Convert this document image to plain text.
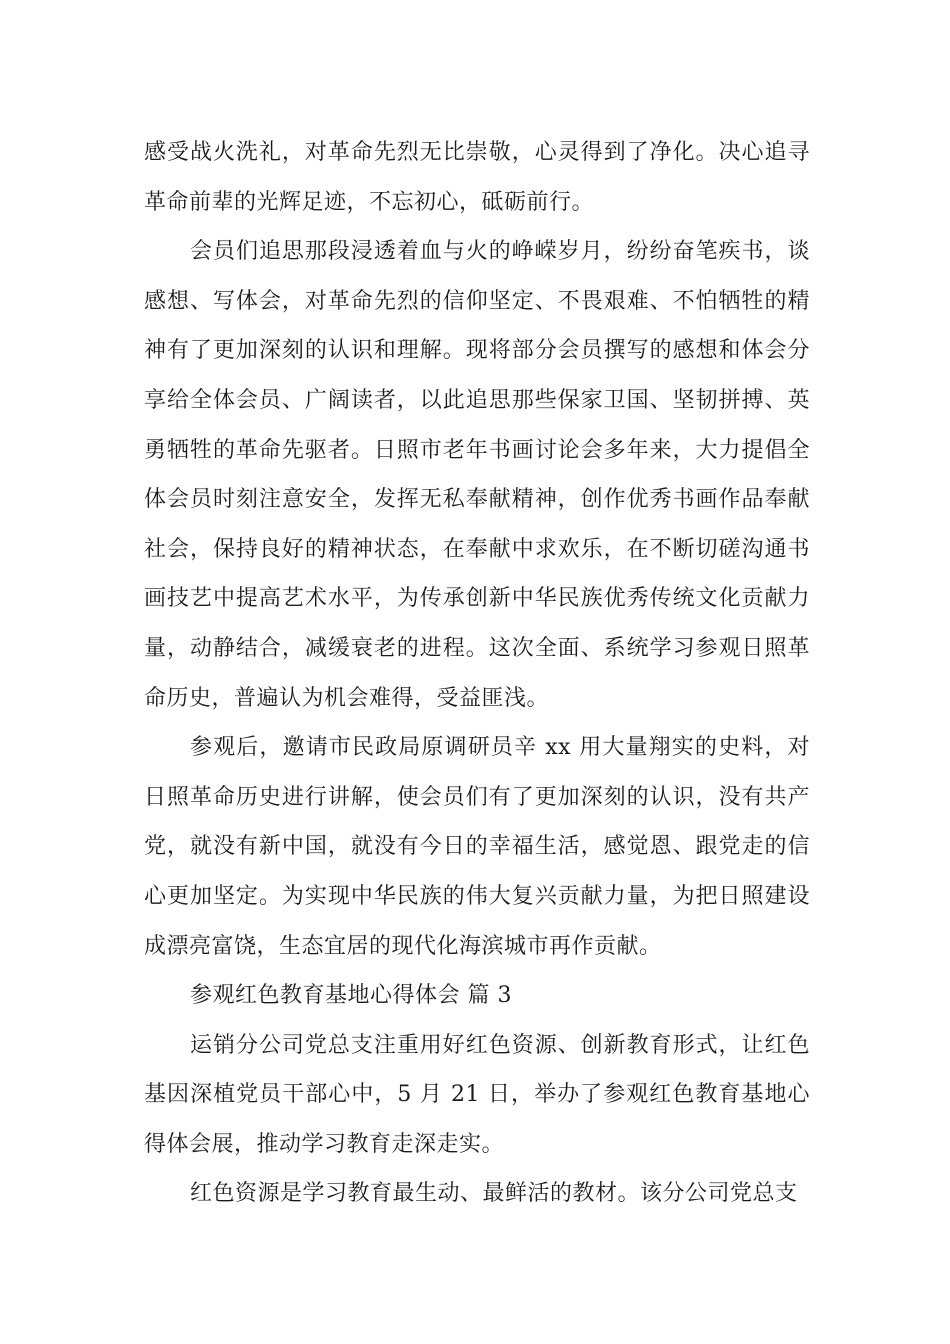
感受战火洗礼，对革命先烈无比崇敬，心灵得到了净化。决心追寻革命前辈的光辉足迹，不忘初心，砥砺前行。

会员们追思那段浸透着血与火的峥嵘岁月，纷纷奋笔疾书，谈感想、写体会，对革命先烈的信仰坚定、不畏艰难、不怕牺牲的精神有了更加深刻的认识和理解。现将部分会员撰写的感想和体会分享给全体会员、广阔读者，以此追思那些保家卫国、坚韧拼搏、英勇牺牲的革命先驱者。日照市老年书画讨论会多年来，大力提倡全体会员时刻注意安全，发挥无私奉献精神，创作优秀书画作品奉献社会，保持良好的精神状态，在奉献中求欢乐，在不断切磋沟通书画技艺中提高艺术水平，为传承创新中华民族优秀传统文化贡献力量，动静结合，减缓衰老的进程。这次全面、系统学习参观日照革命历史，普遍认为机会难得，受益匪浅。

参观后，邀请市民政局原调研员辛 xx 用大量翔实的史料，对日照革命历史进行讲解，使会员们有了更加深刻的认识，没有共产党，就没有新中国，就没有今日的幸福生活，感觉恩、跟党走的信心更加坚定。为实现中华民族的伟大复兴贡献力量，为把日照建设成漂亮富饶，生态宜居的现代化海滨城市再作贡献。

参观红色教育基地心得体会 篇 3

运销分公司党总支注重用好红色资源、创新教育形式，让红色基因深植党员干部心中，5 月 21 日，举办了参观红色教育基地心得体会展，推动学习教育走深走实。

红色资源是学习教育最生动、最鲜活的教材。该分公司党总支
